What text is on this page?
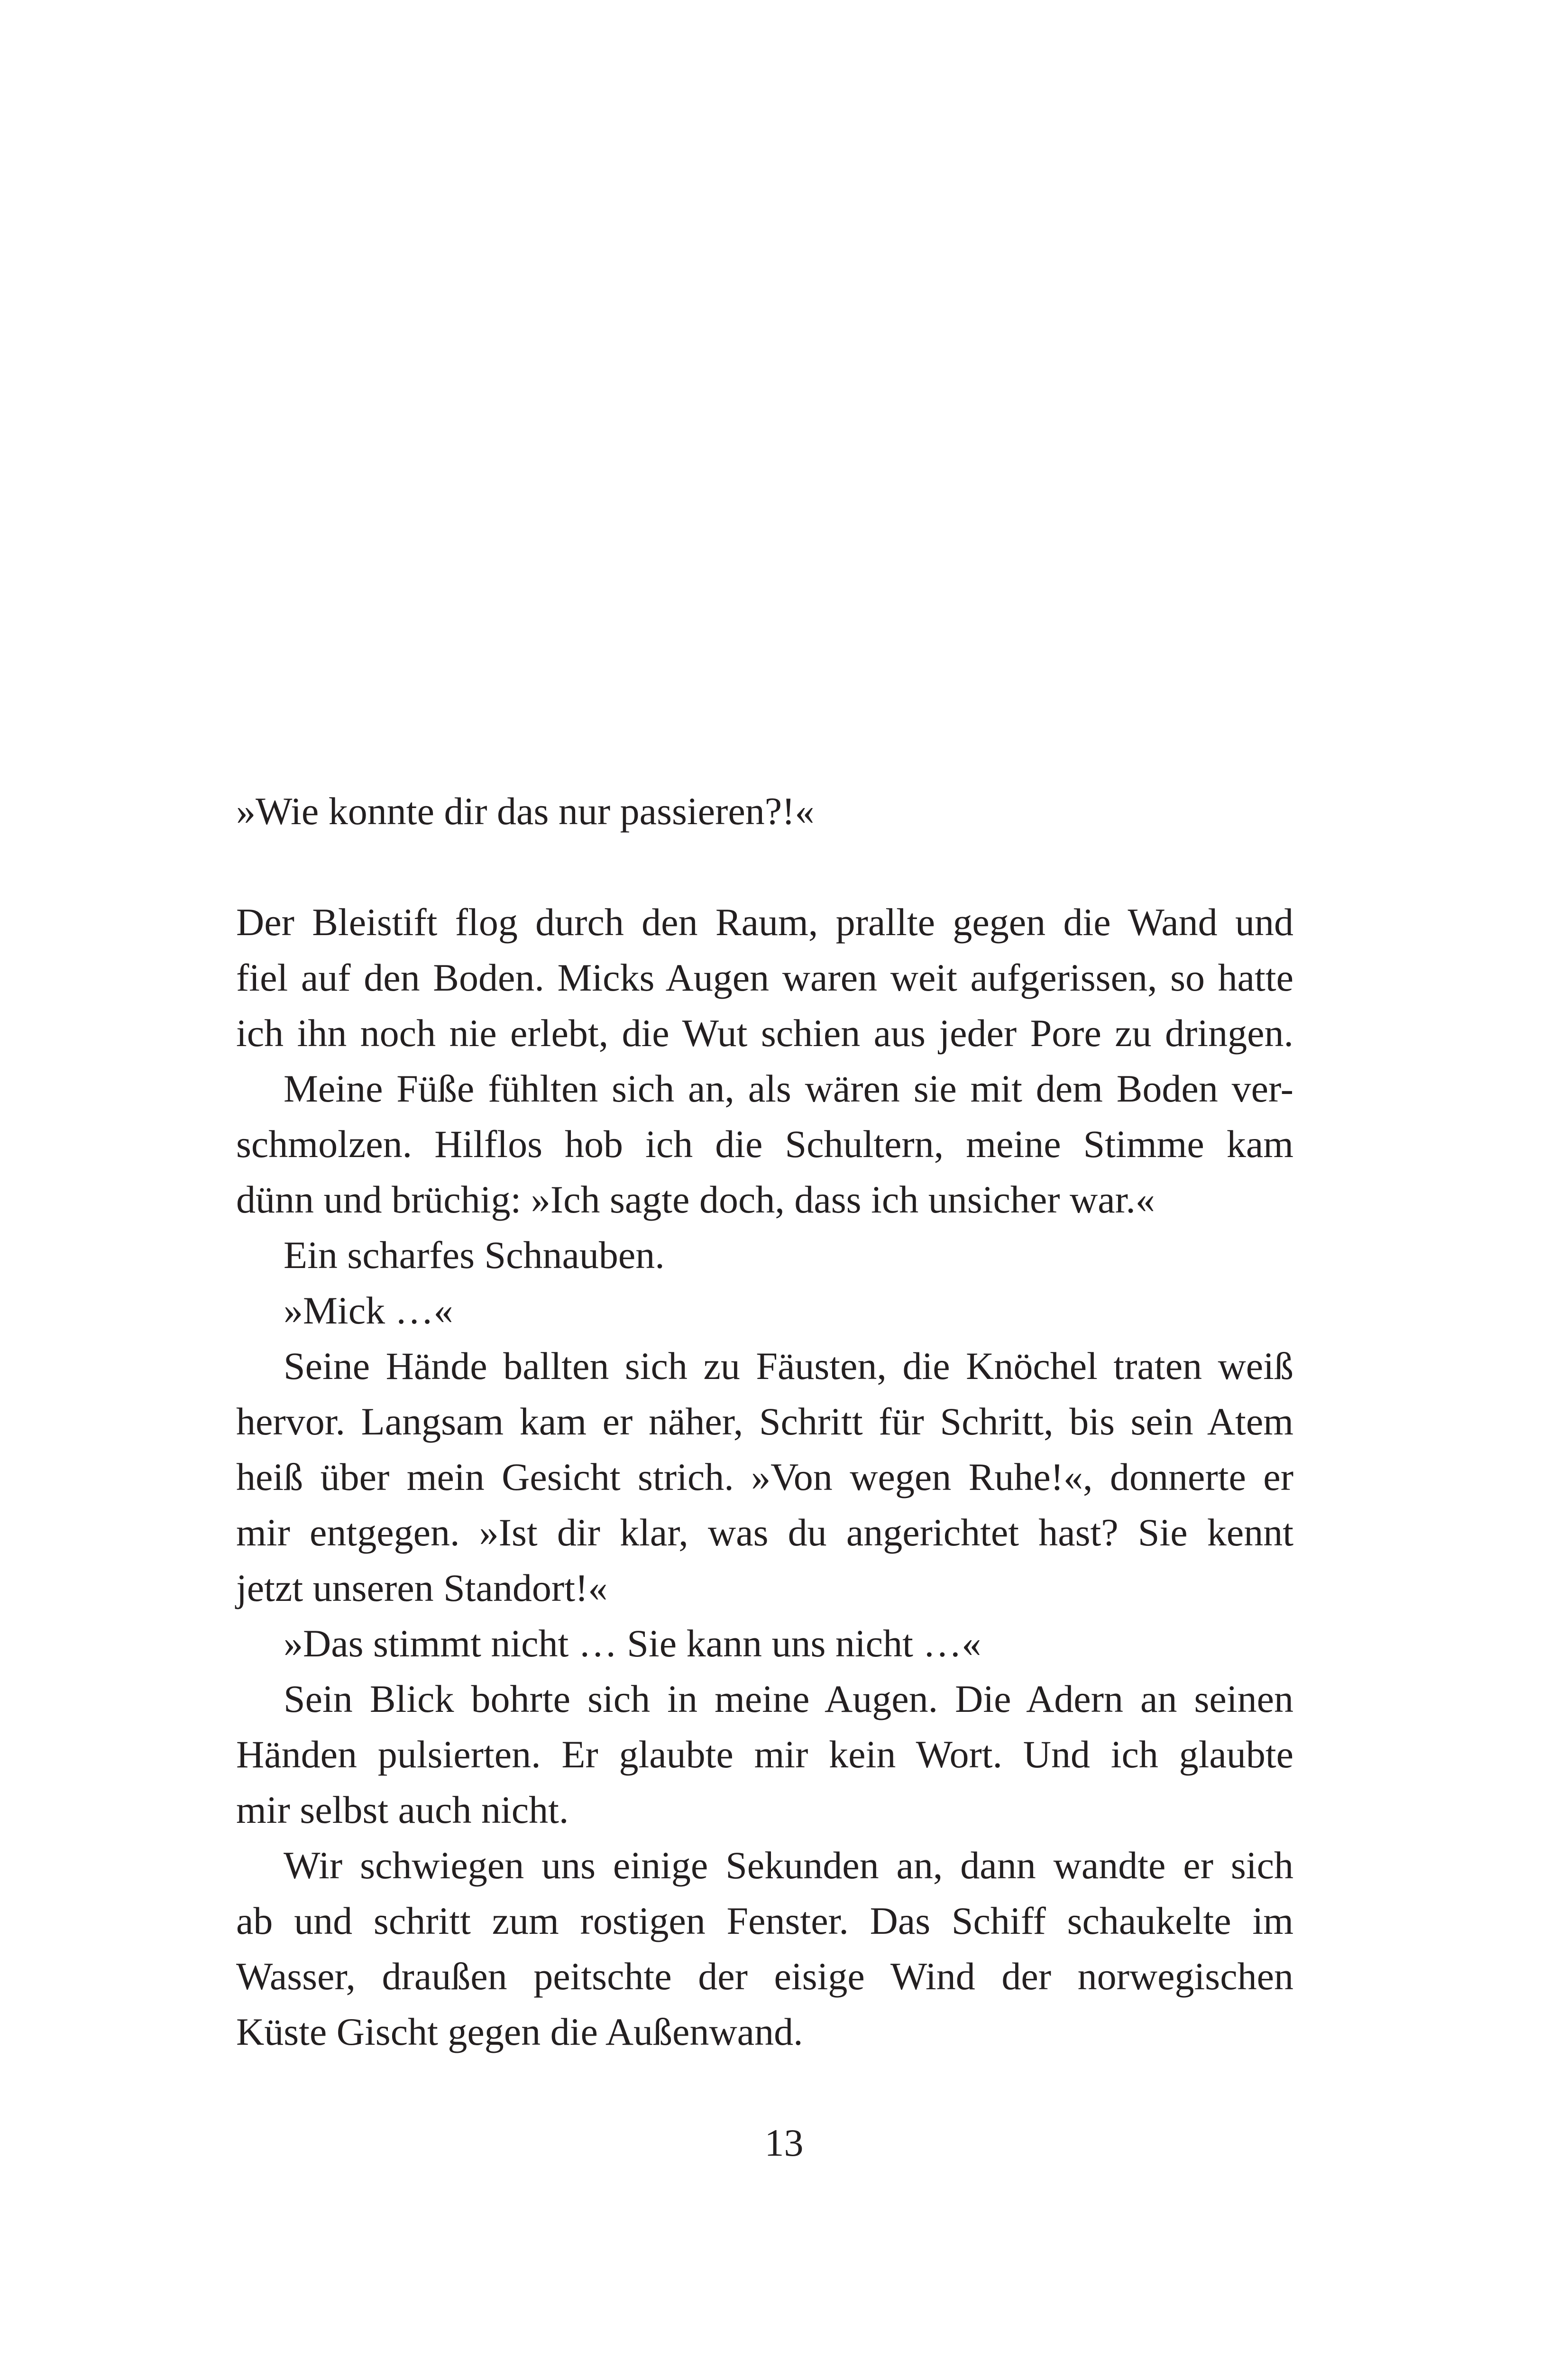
»Wie konnte dir das nur passieren?!«
Der Bleistift flog durch den Raum, prallte gegen die Wand und
fiel auf den Boden. Micks Augen waren weit aufgerissen, so hatte
ich ihn noch nie erlebt, die Wut schien aus jeder Pore zu dringen.
Meine Füße fühlten sich an, als wären sie mit dem Boden ver-
schmolzen. Hilflos hob ich die Schultern, meine Stimme kam
dünn und brüchig: »Ich sagte doch, dass ich unsicher war.«
Ein scharfes Schnauben.
»Mick …«
Seine Hände ballten sich zu Fäusten, die Knöchel traten weiß
hervor. Langsam kam er näher, Schritt für Schritt, bis sein Atem
heiß über mein Gesicht strich. »Von wegen Ruhe!«, donnerte er
mir entgegen. »Ist dir klar, was du angerichtet hast? Sie kennt
jetzt unseren Standort!«
»Das stimmt nicht … Sie kann uns nicht …«
Sein Blick bohrte sich in meine Augen. Die Adern an seinen
Händen pulsierten. Er glaubte mir kein Wort. Und ich glaubte
mir selbst auch nicht.
Wir schwiegen uns einige Sekunden an, dann wandte er sich
ab und schritt zum rostigen Fenster. Das Schiff schaukelte im
Wasser, draußen peitschte der eisige Wind der norwegischen
Küste Gischt gegen die Außenwand.
13
